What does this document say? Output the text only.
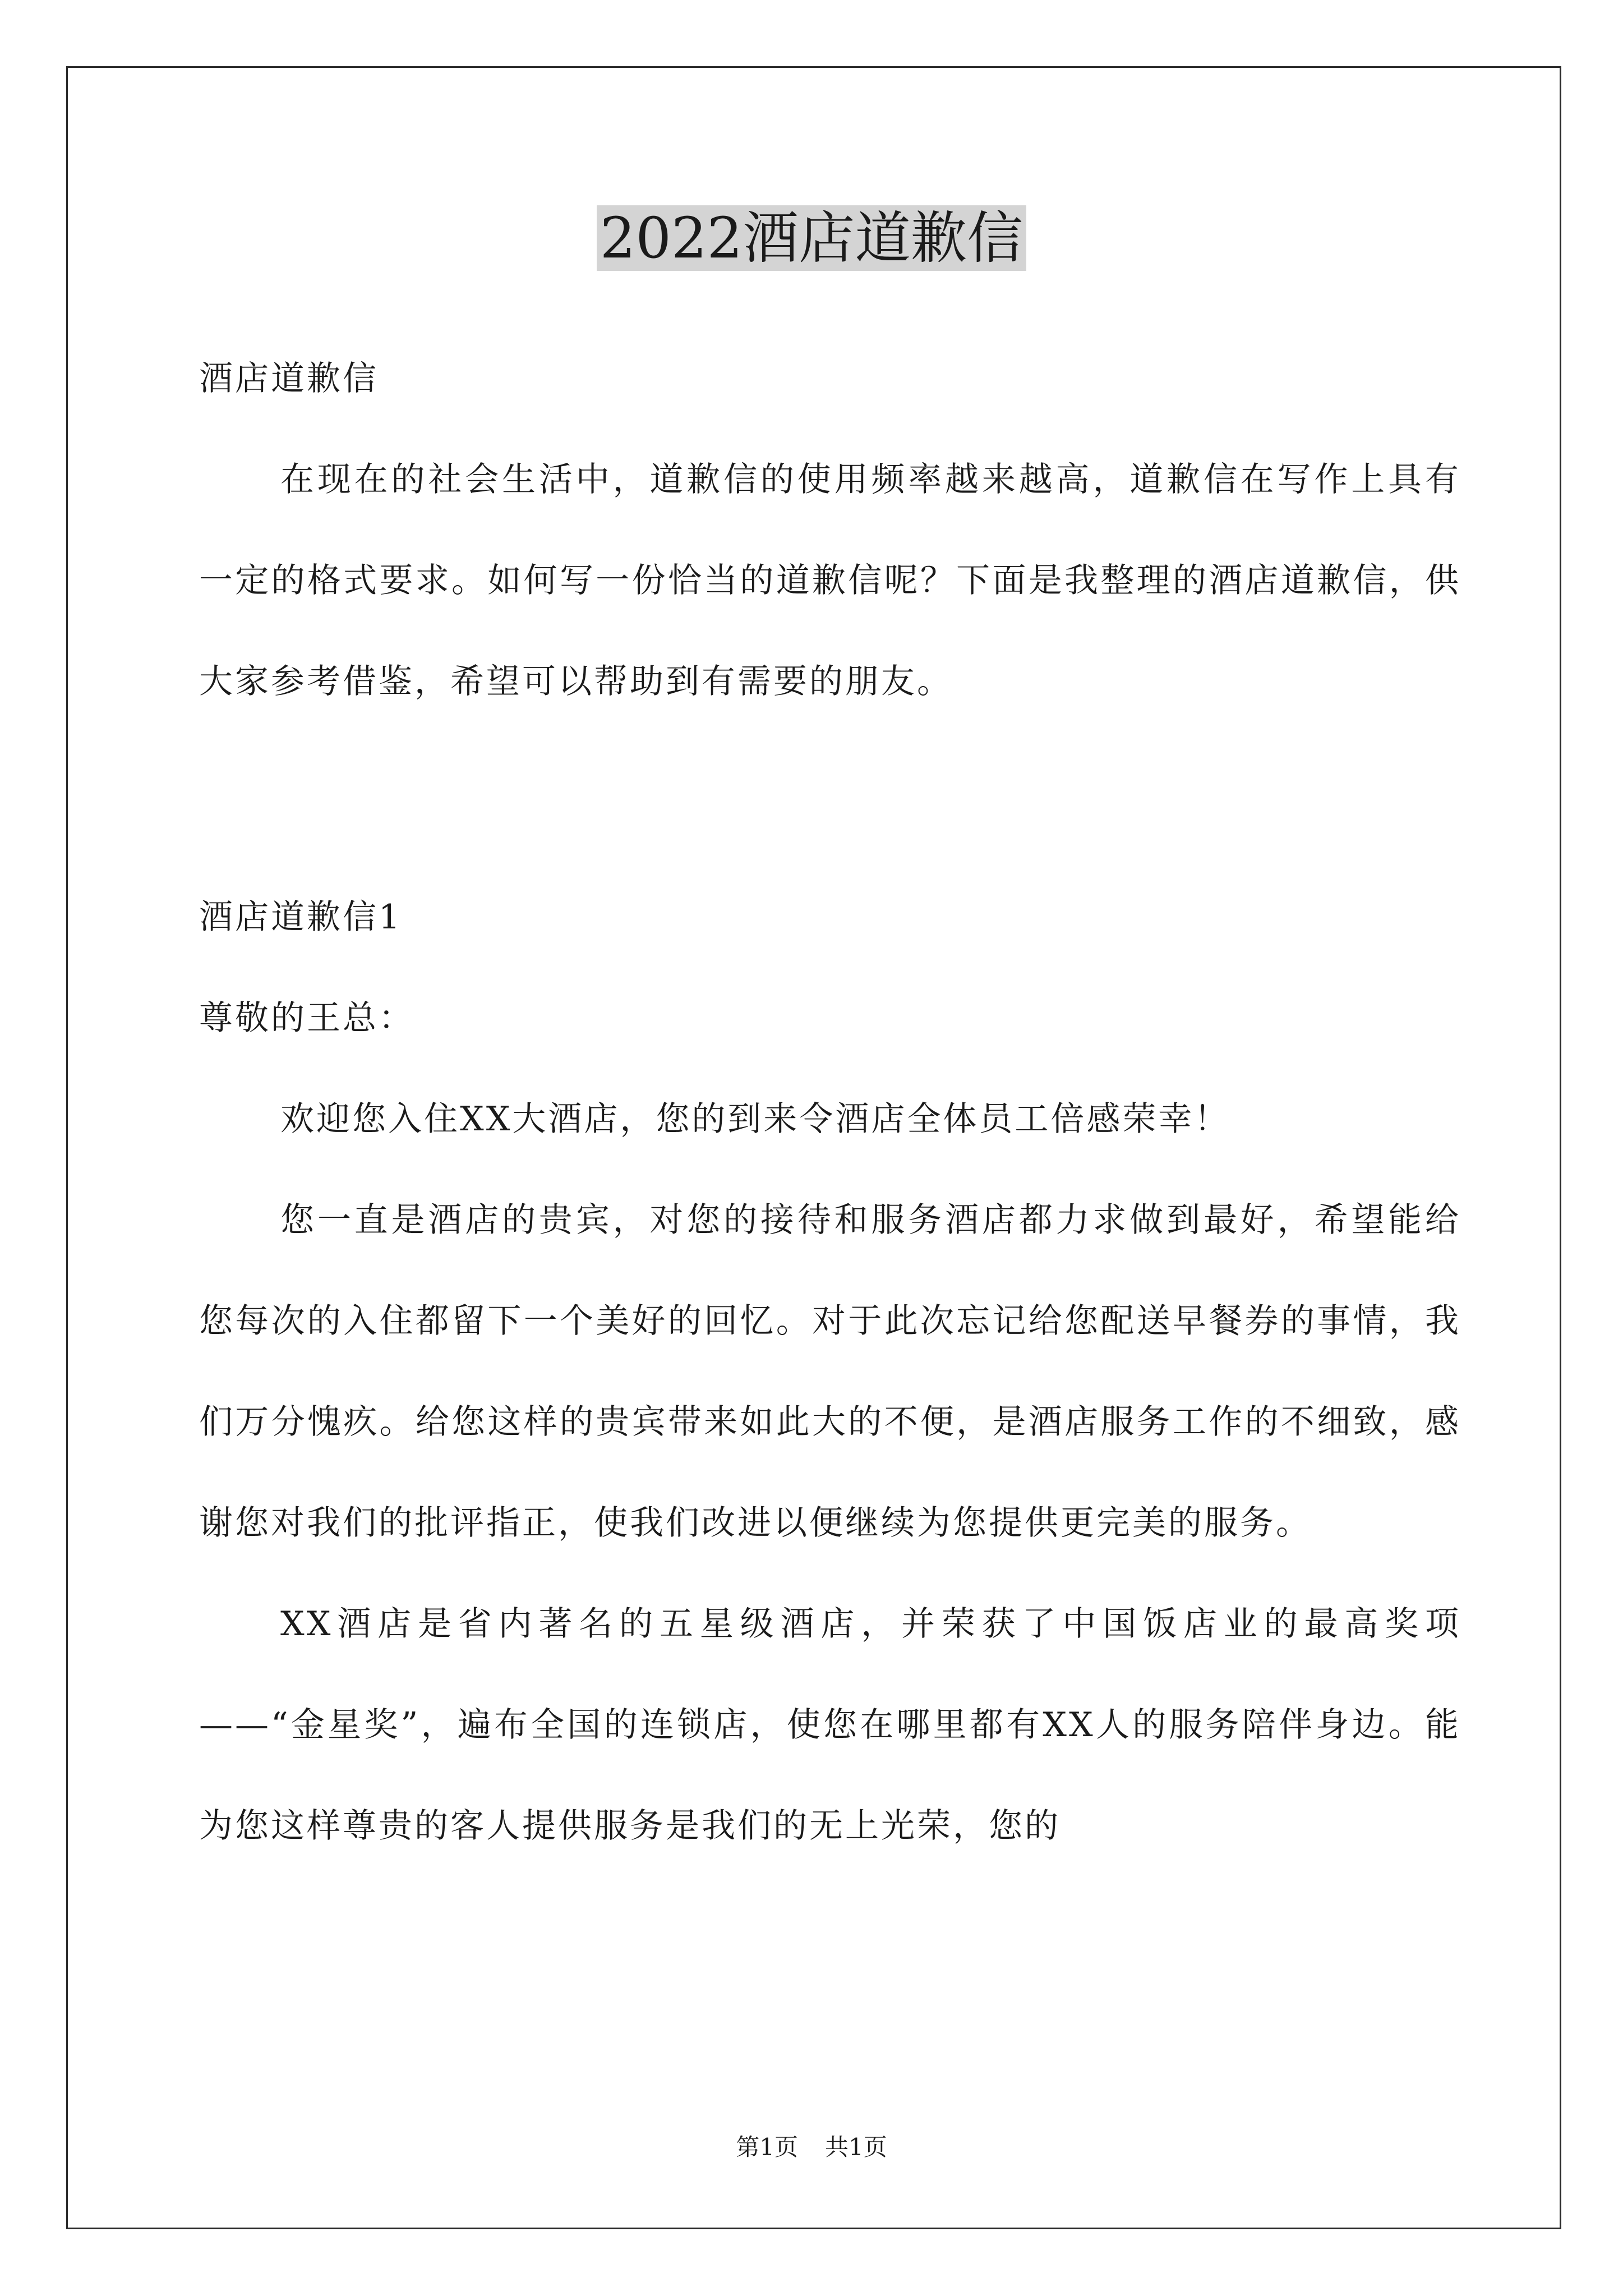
2022酒店道歉信

酒店道歉信

在现在的社会生活中，道歉信的使用频率越来越高，道歉信在写作上具有一定的格式要求。如何写一份恰当的道歉信呢？下面是我整理的酒店道歉信，供大家参考借鉴，希望可以帮助到有需要的朋友。

酒店道歉信1

尊敬的王总：

欢迎您入住XX大酒店，您的到来令酒店全体员工倍感荣幸！

您一直是酒店的贵宾，对您的接待和服务酒店都力求做到最好，希望能给您每次的入住都留下一个美好的回忆。对于此次忘记给您配送早餐券的事情，我们万分愧疚。给您这样的贵宾带来如此大的不便，是酒店服务工作的不细致，感谢您对我们的批评指正，使我们改进以便继续为您提供更完美的服务。

XX酒店是省内著名的五星级酒店，并荣获了中国饭店业的最高奖项——“金星奖”，遍布全国的连锁店，使您在哪里都有XX人的服务陪伴身边。能为您这样尊贵的客人提供服务是我们的无上光荣，您的

第1页 共1页
